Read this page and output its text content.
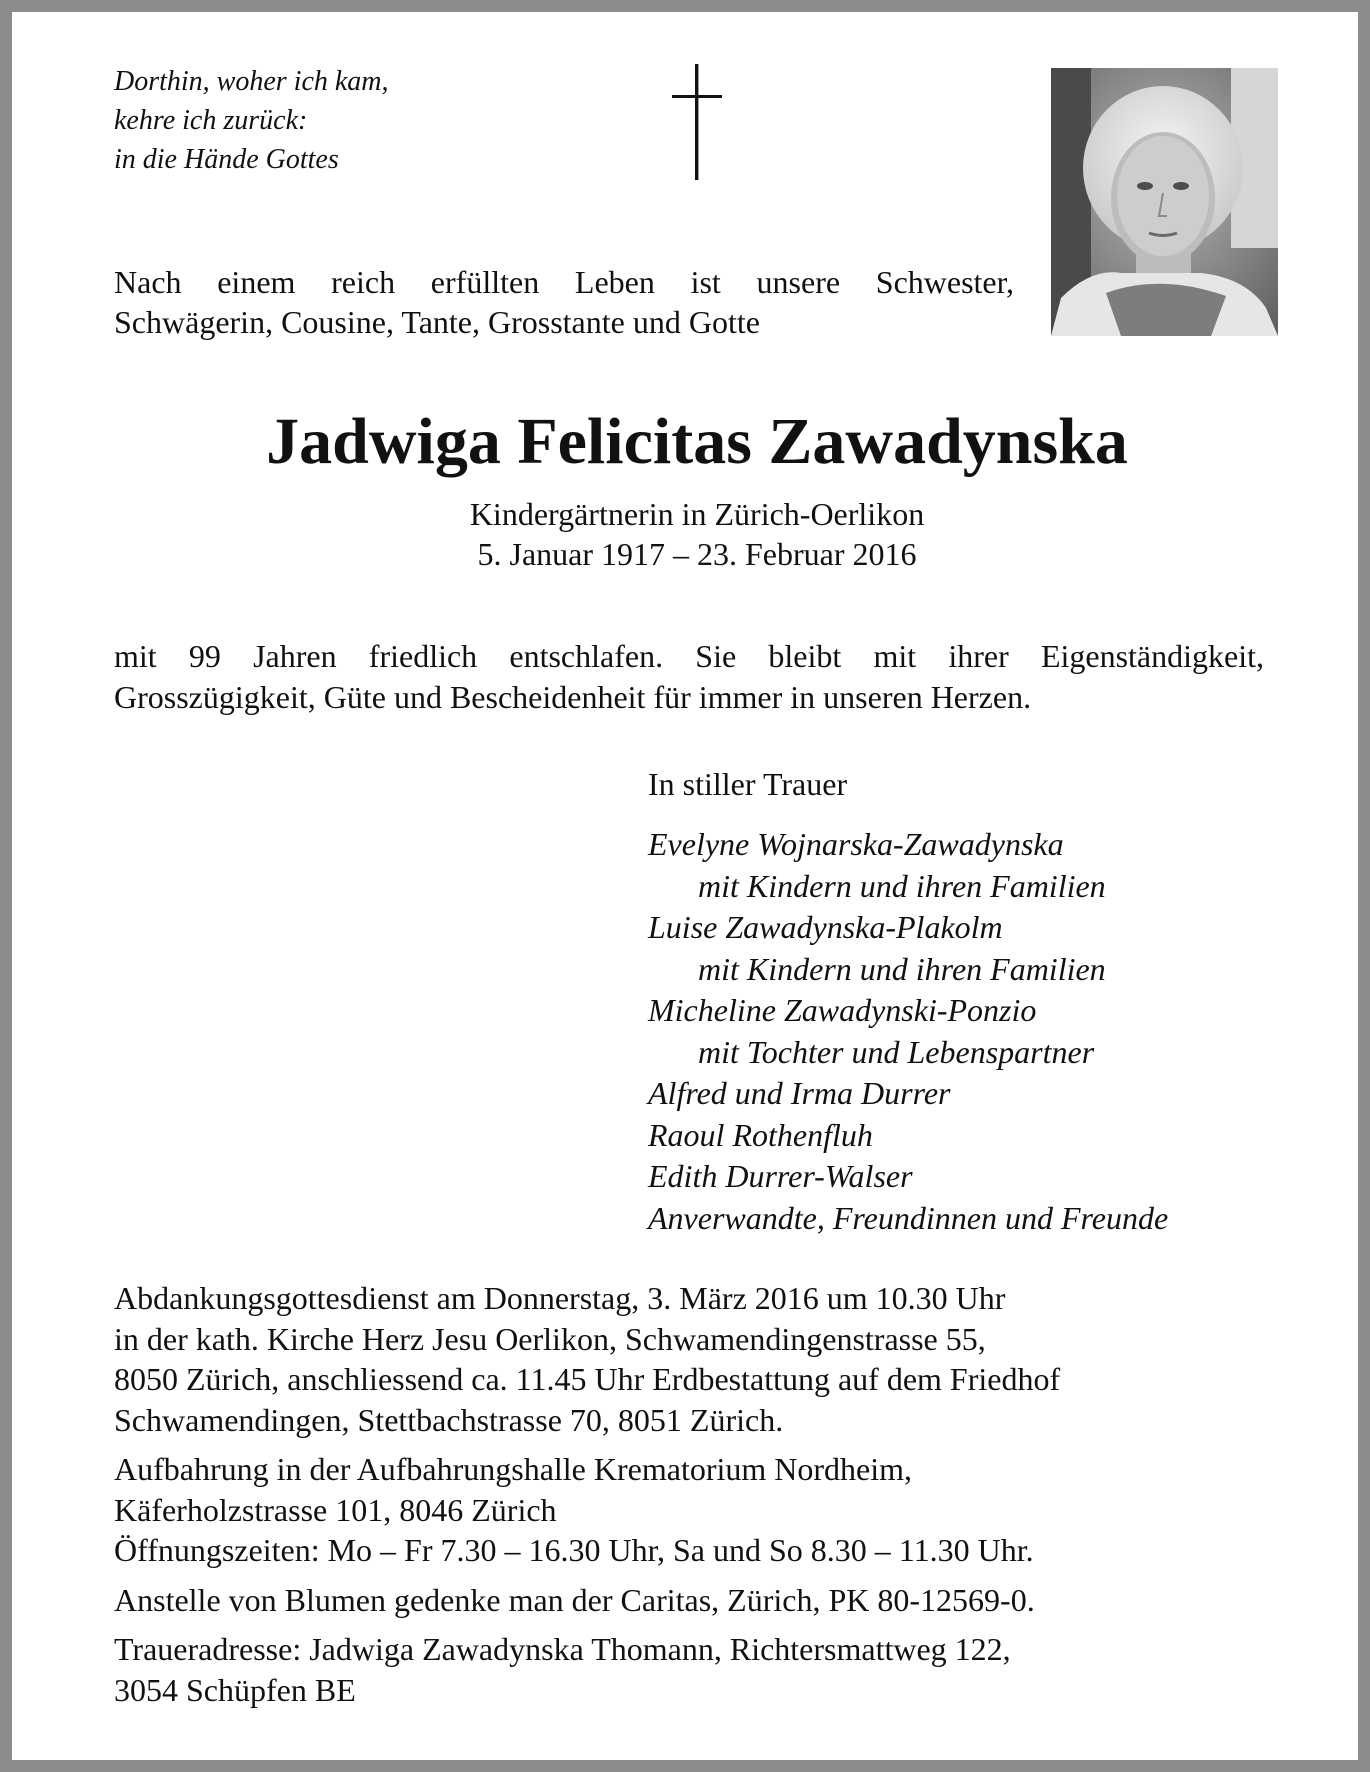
Dorthin, woher ich kam,
kehre ich zurück:
in die Hände Gottes
Nach einem reich erfüllten Leben ist unsere Schwester,
Schwägerin, Cousine, Tante, Grosstante und Gotte
Jadwiga Felicitas Zawadynska
Kindergärtnerin in Zürich-Oerlikon
5. Januar 1917 – 23. Februar 2016
mit 99 Jahren friedlich entschlafen. Sie bleibt mit ihrer Eigenständigkeit,
Grosszügigkeit, Güte und Bescheidenheit für immer in unseren Herzen.
In stiller Trauer
Evelyne Wojnarska-Zawadynska
mit Kindern und ihren Familien
Luise Zawadynska-Plakolm
mit Kindern und ihren Familien
Micheline Zawadynski-Ponzio
mit Tochter und Lebenspartner
Alfred und Irma Durrer
Raoul Rothenfluh
Edith Durrer-Walser
Anverwandte, Freundinnen und Freunde
Abdankungsgottesdienst am Donnerstag, 3. März 2016 um 10.30 Uhr
in der kath. Kirche Herz Jesu Oerlikon, Schwamendingenstrasse 55,
8050 Zürich, anschliessend ca. 11.45 Uhr Erdbestattung auf dem Friedhof
Schwamendingen, Stettbachstrasse 70, 8051 Zürich.
Aufbahrung in der Aufbahrungshalle Krematorium Nordheim,
Käferholzstrasse 101, 8046 Zürich
Öffnungszeiten: Mo – Fr 7.30 – 16.30 Uhr, Sa und So 8.30 – 11.30 Uhr.
Anstelle von Blumen gedenke man der Caritas, Zürich, PK 80-12569-0.
Traueradresse: Jadwiga Zawadynska Thomann, Richtersmattweg 122,
3054 Schüpfen BE
